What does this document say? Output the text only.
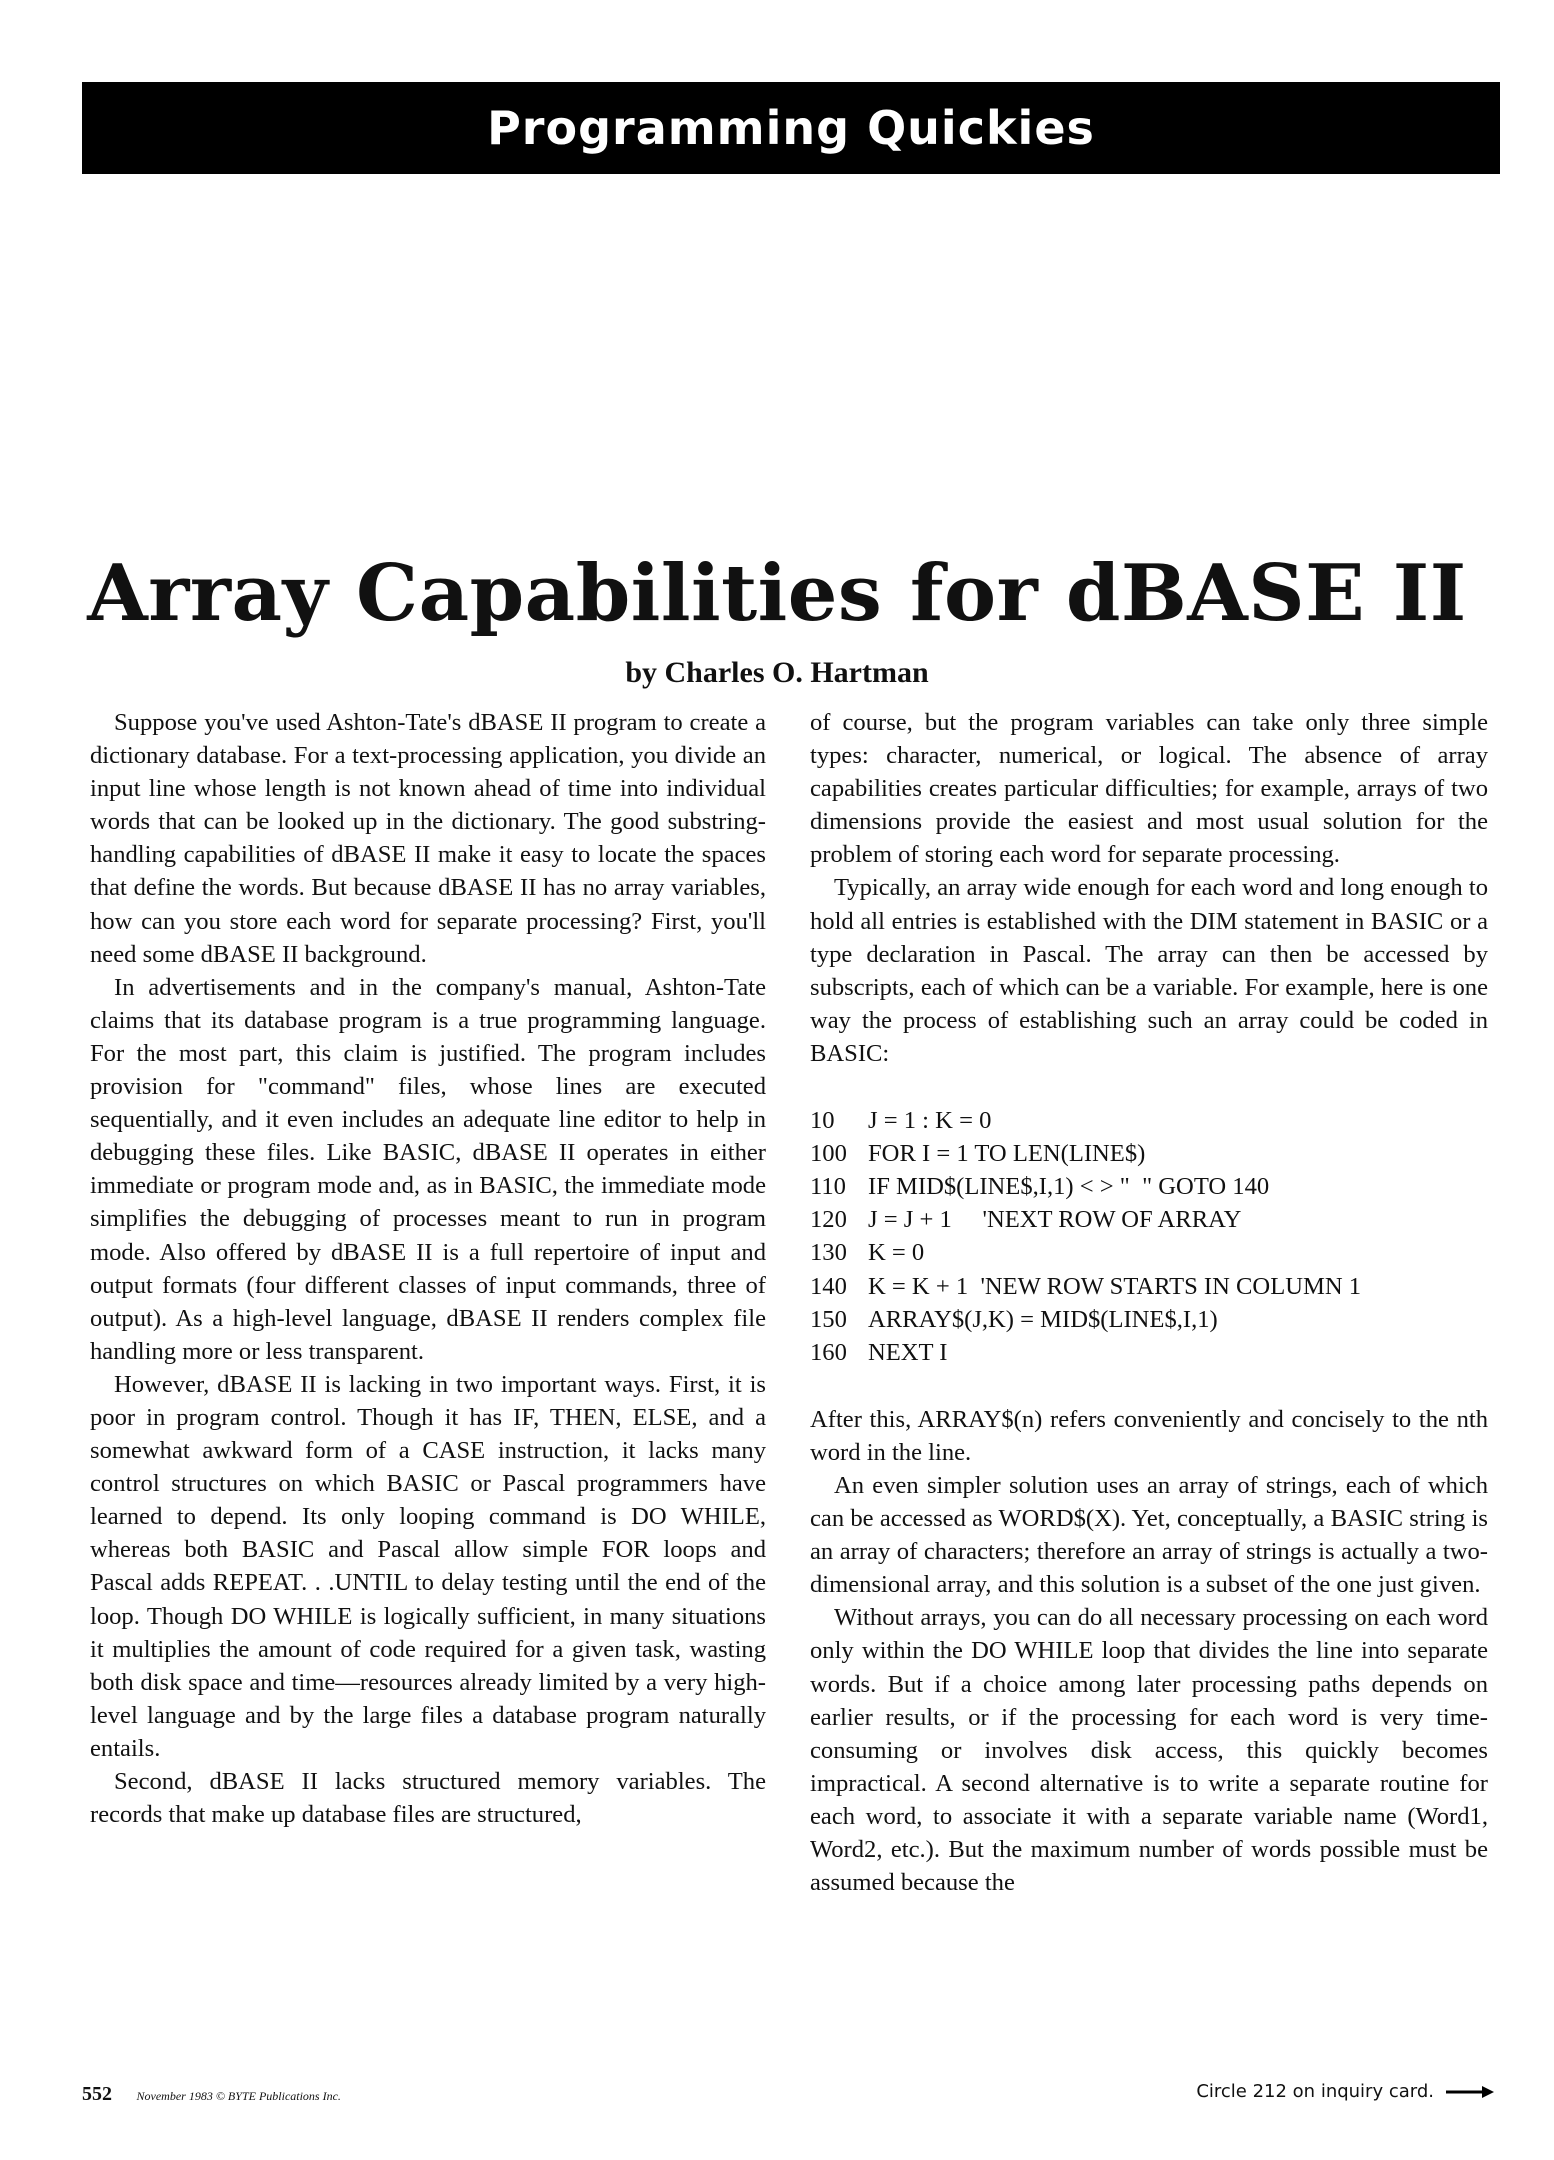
Programming Quickies
Array Capabilities for dBASE II
by Charles O. Hartman

Suppose you've used Ashton-Tate's dBASE II program to create a dictionary database. For a text-processing application, you divide an input line whose length is not known ahead of time into individual words that can be looked up in the dictionary. The good substring-handling capabilities of dBASE II make it easy to locate the spaces that define the words. But because dBASE II has no array variables, how can you store each word for separate processing? First, you'll need some dBASE II background.

In advertisements and in the company's manual, Ashton-Tate claims that its database program is a true programming language. For the most part, this claim is justified. The program includes provision for "command" files, whose lines are executed sequentially, and it even includes an adequate line editor to help in debugging these files. Like BASIC, dBASE II operates in either immediate or program mode and, as in BASIC, the immediate mode simplifies the debugging of processes meant to run in program mode. Also offered by dBASE II is a full repertoire of input and output formats (four different classes of input commands, three of output). As a high-level language, dBASE II renders complex file handling more or less transparent.

However, dBASE II is lacking in two important ways. First, it is poor in program control. Though it has IF, THEN, ELSE, and a somewhat awkward form of a CASE instruction, it lacks many control structures on which BASIC or Pascal programmers have learned to depend. Its only looping command is DO WHILE, whereas both BASIC and Pascal allow simple FOR loops and Pascal adds REPEAT. . .UNTIL to delay testing until the end of the loop. Though DO WHILE is logically sufficient, in many situations it multiplies the amount of code required for a given task, wasting both disk space and time—resources already limited by a very high-level language and by the large files a database program naturally entails.

Second, dBASE II lacks structured memory variables. The records that make up database files are structured,

of course, but the program variables can take only three simple types: character, numerical, or logical. The absence of array capabilities creates particular difficulties; for example, arrays of two dimensions provide the easiest and most usual solution for the problem of storing each word for separate processing.

Typically, an array wide enough for each word and long enough to hold all entries is established with the DIM statement in BASIC or a type declaration in Pascal. The array can then be accessed by subscripts, each of which can be a variable. For example, here is one way the process of establishing such an array could be coded in BASIC:

10	J = 1 : K = 0
100 FOR I = 1 TO LEN(LINE$)
110 IF MID$(LINE$,I,1) < > "  " GOTO 140
120 J = J + 1     'NEXT ROW OF ARRAY
130 K = 0
140 K = K + 1  'NEW ROW STARTS IN COLUMN 1
150 ARRAY$(J,K) = MID$(LINE$,I,1)
160 NEXT I

After this, ARRAY$(n) refers conveniently and concisely to the nth word in the line.

An even simpler solution uses an array of strings, each of which can be accessed as WORD$(X). Yet, conceptually, a BASIC string is an array of characters; therefore an array of strings is actually a two-dimensional array, and this solution is a subset of the one just given.

Without arrays, you can do all necessary processing on each word only within the DO WHILE loop that divides the line into separate words. But if a choice among later processing paths depends on earlier results, or if the processing for each word is very time-consuming or involves disk access, this quickly becomes impractical. A second alternative is to write a separate routine for each word, to associate it with a separate variable name (Word1, Word2, etc.). But the maximum number of words possible must be assumed because the

552 November 1983 © BYTE Publications Inc.	Circle 212 on inquiry card.
